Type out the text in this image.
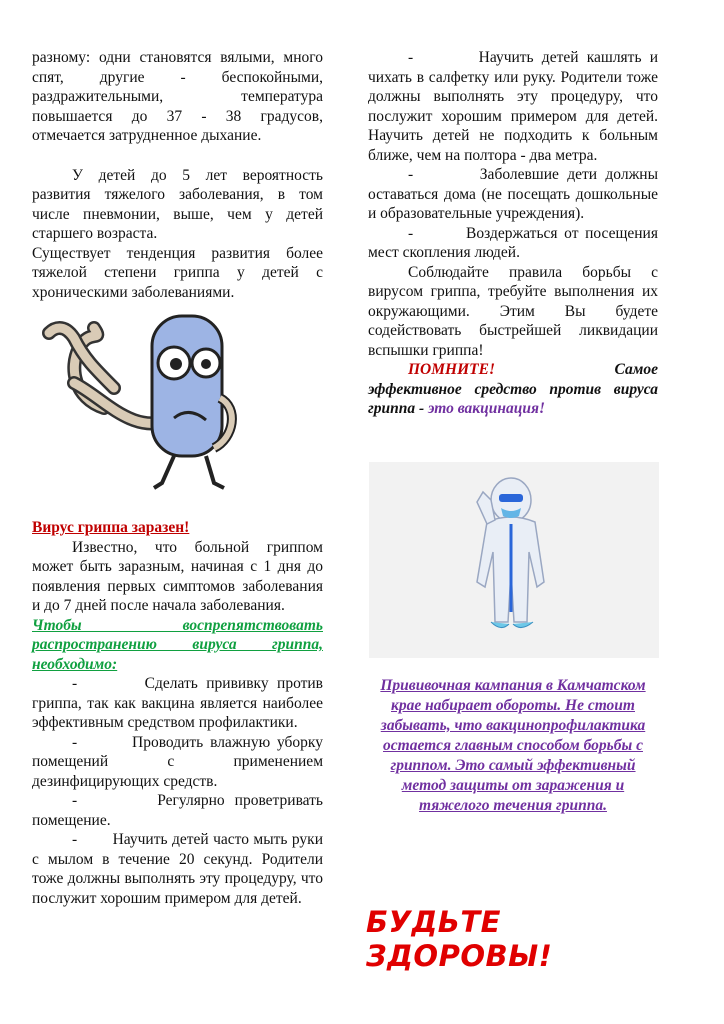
разному: одни становятся вялыми, много спят, другие - беспокойными, раздражительными, температура повышается до 37 - 38 градусов, отмечается затрудненное дыхание.

У детей до 5 лет вероятность развития тяжелого заболевания, в том числе пневмонии, выше, чем у детей старшего возраста.

Существует тенденция развития более тяжелой степени гриппа у детей с хроническими заболеваниями.

Вирус гриппа заразен!

Известно, что больной гриппом может быть заразным, начиная с 1 дня до появления первых симптомов заболевания и до 7 дней после начала заболевания.

Чтобы воспрепятствовать распространению вируса гриппа, необходимо:

-	Сделать прививку против гриппа, так как вакцина является наиболее эффективным средством профилактики.

-	Проводить влажную уборку помещений с применением дезинфицирующих средств.

-	Регулярно проветривать помещение.

- Научить детей часто мыть руки с мылом в течение 20 секунд. Родители тоже должны выполнять эту процедуру, что послужит хорошим примером для детей.

-	Научить детей кашлять и чихать в салфетку или руку. Родители тоже должны выполнять эту процедуру, что послужит хорошим примером для детей. Научить детей не подходить к больным ближе, чем на полтора - два метра.

-	Заболевшие дети должны оставаться дома (не посещать дошкольные и образовательные учреждения).

-	Воздержаться от посещения мест скопления людей.

Соблюдайте правила борьбы с вирусом гриппа, требуйте выполнения их окружающими. Этим Вы будете содействовать быстрейшей ликвидации вспышки гриппа!

ПОМНИТЕ!	Самое эффективное средство против вируса гриппа - это вакцинация!

Прививочная кампания в Камчатском крае набирает обороты. Не стоит забывать, что вакцинопрофилактика остается главным способом борьбы с гриппом. Это самый эффективный метод защиты от заражения и тяжелого течения гриппа.

БУДЬТЕ ЗДОРОВЫ!
